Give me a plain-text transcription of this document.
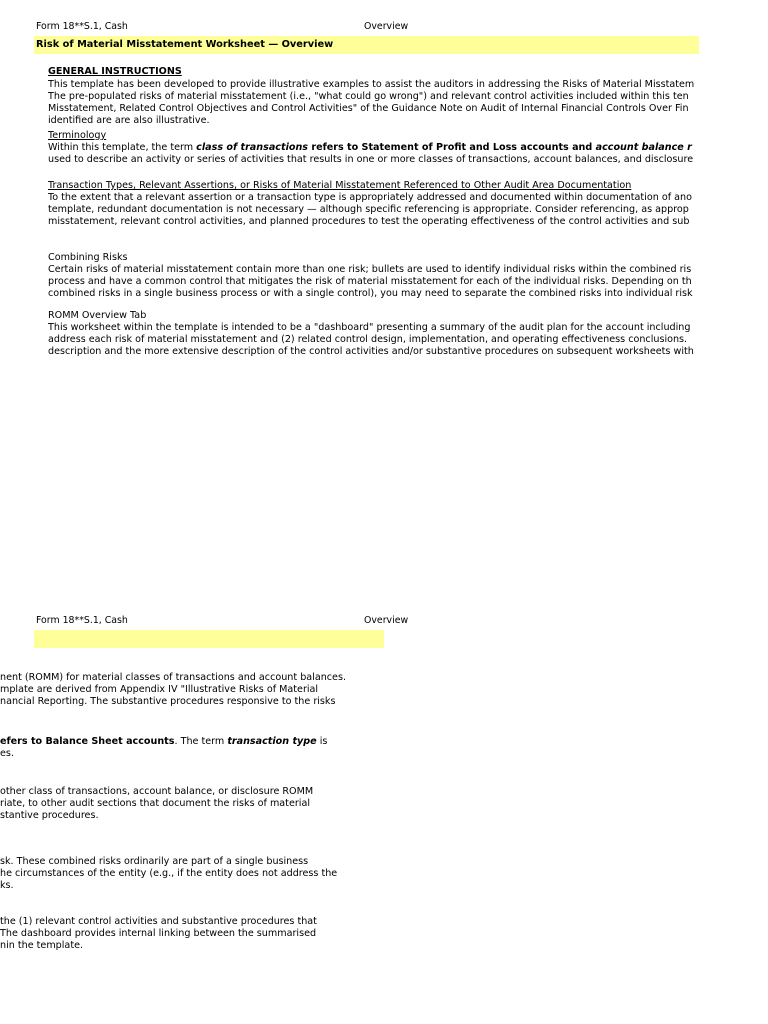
Form 18**S.1, Cash	Overview
Risk of Material Misstatement Worksheet — Overview
GENERAL INSTRUCTIONS
This template has been developed to provide illustrative examples to assist the auditors in addressing the Risks of Material Misstatem
The pre-populated risks of material misstatement (i.e., "what could go wrong") and relevant control activities included within this ten
Misstatement, Related Control Objectives and Control Activities" of the Guidance Note on Audit of Internal Financial Controls Over Fin
identified are are also illustrative.
Terminology
Within this template, the term class of transactions refers to Statement of Profit and Loss accounts and account balance r
used to describe an activity or series of activities that results in one or more classes of transactions, account balances, and disclosure
Transaction Types, Relevant Assertions, or Risks of Material Misstatement Referenced to Other Audit Area Documentation
To the extent that a relevant assertion or a transaction type is appropriately addressed and documented within documentation of ano
template, redundant documentation is not necessary — although specific referencing is appropriate. Consider referencing, as approp
misstatement, relevant control activities, and planned procedures to test the operating effectiveness of the control activities and sub
Combining Risks
Certain risks of material misstatement contain more than one risk; bullets are used to identify individual risks within the combined ris
process and have a common control that mitigates the risk of material misstatement for each of the individual risks. Depending on th
combined risks in a single business process or with a single control), you may need to separate the combined risks into individual risk
ROMM Overview Tab
This worksheet within the template is intended to be a "dashboard" presenting a summary of the audit plan for the account including
address each risk of material misstatement and (2) related control design, implementation, and operating effectiveness conclusions.
description and the more extensive description of the control activities and/or substantive procedures on subsequent worksheets with
Form 18**S.1, Cash	Overview
nent (ROMM) for material classes of transactions and account balances.
mplate are derived from Appendix IV "Illustrative Risks of Material
nancial Reporting. The substantive procedures responsive to the risks
efers to Balance Sheet accounts. The term transaction type is
es.
other class of transactions, account balance, or disclosure ROMM
riate, to other audit sections that document the risks of material
stantive procedures.
sk. These combined risks ordinarily are part of a single business
he circumstances of the entity (e.g., if the entity does not address the
ks.
the (1) relevant control activities and substantive procedures that
The dashboard provides internal linking between the summarised
nin the template.
